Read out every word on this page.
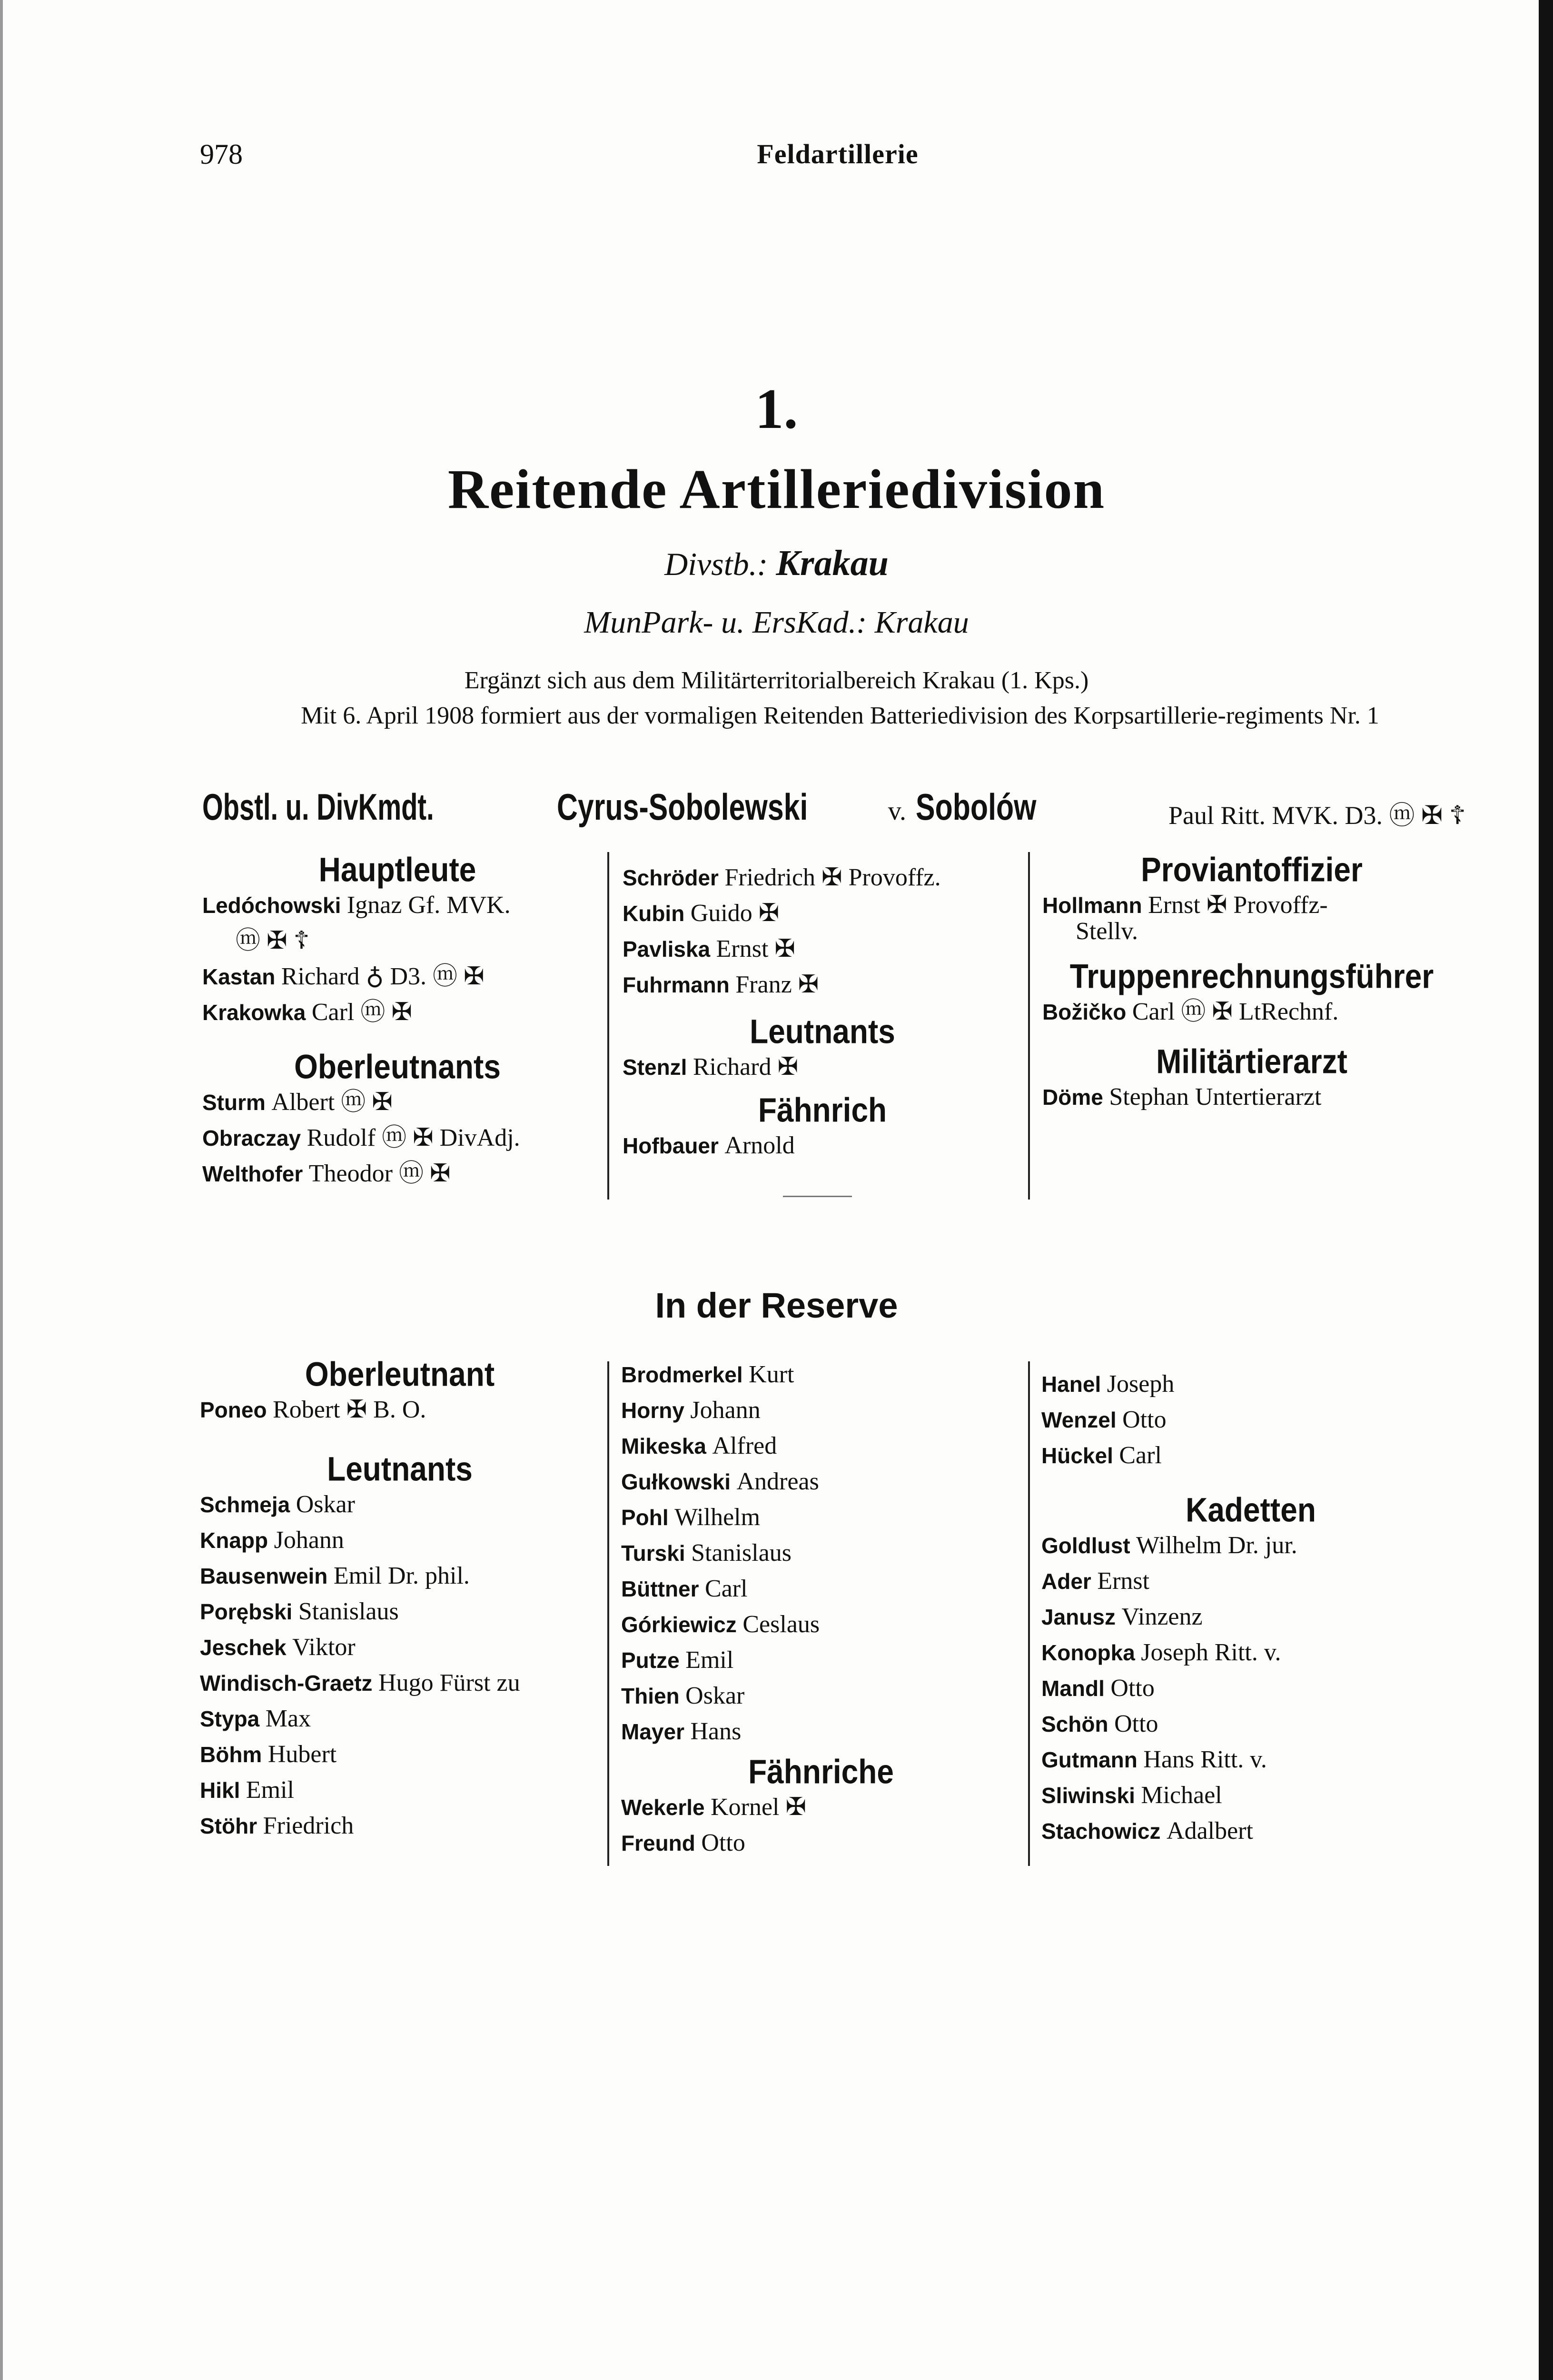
978	Feldartillerie
1.
Reitende Artilleriedivision
Divstb.: Krakau
MunPark- u. ErsKad.: Krakau
Ergänzt sich aus dem Militärterritorialbereich Krakau (1. Kps.)
Mit 6. April 1908 formiert aus der vormaligen Reitenden Batteriedivision des Korpsartillerie-regiments Nr. 1
Obstl. u. DivKmdt.	Cyrus-Sobolewski	v. Sobolów	Paul Ritt. MVK. D3. ⓜ ✠ ☦
Hauptleute
Ledóchowski Ignaz Gf. MVK.
ⓜ ✠ ☦
Kastan Richard ♁ D3. ⓜ ✠
Krakowka Carl ⓜ ✠
Oberleutnants
Sturm Albert ⓜ ✠
Obraczay Rudolf ⓜ ✠ DivAdj.
Welthofer Theodor ⓜ ✠
Schröder Friedrich ✠ Provoffz.
Kubin Guido ✠
Pavliska Ernst ✠
Fuhrmann Franz ✠
Leutnants
Stenzl Richard ✠
Fähnrich
Hofbauer Arnold
Proviantoffizier
Hollmann Ernst ✠ Provoffz-
Stellv.
Truppenrechnungsführer
Božičko Carl ⓜ ✠ LtRechnf.
Militärtierarzt
Döme Stephan Untertierarzt
In der Reserve
Oberleutnant
Poneo Robert ✠ B. O.
Leutnants
Schmeja Oskar
Knapp Johann
Bausenwein Emil Dr. phil.
Porębski Stanislaus
Jeschek Viktor
Windisch-Graetz Hugo Fürst zu
Stypa Max
Böhm Hubert
Hikl Emil
Stöhr Friedrich
Brodmerkel Kurt
Horny Johann
Mikeska Alfred
Gułkowski Andreas
Pohl Wilhelm
Turski Stanislaus
Büttner Carl
Górkiewicz Ceslaus
Putze Emil
Thien Oskar
Mayer Hans
Fähnriche
Wekerle Kornel ✠
Freund Otto
Hanel Joseph
Wenzel Otto
Hückel Carl
Kadetten
Goldlust Wilhelm Dr. jur.
Ader Ernst
Janusz Vinzenz
Konopka Joseph Ritt. v.
Mandl Otto
Schön Otto
Gutmann Hans Ritt. v.
Sliwinski Michael
Stachowicz Adalbert
